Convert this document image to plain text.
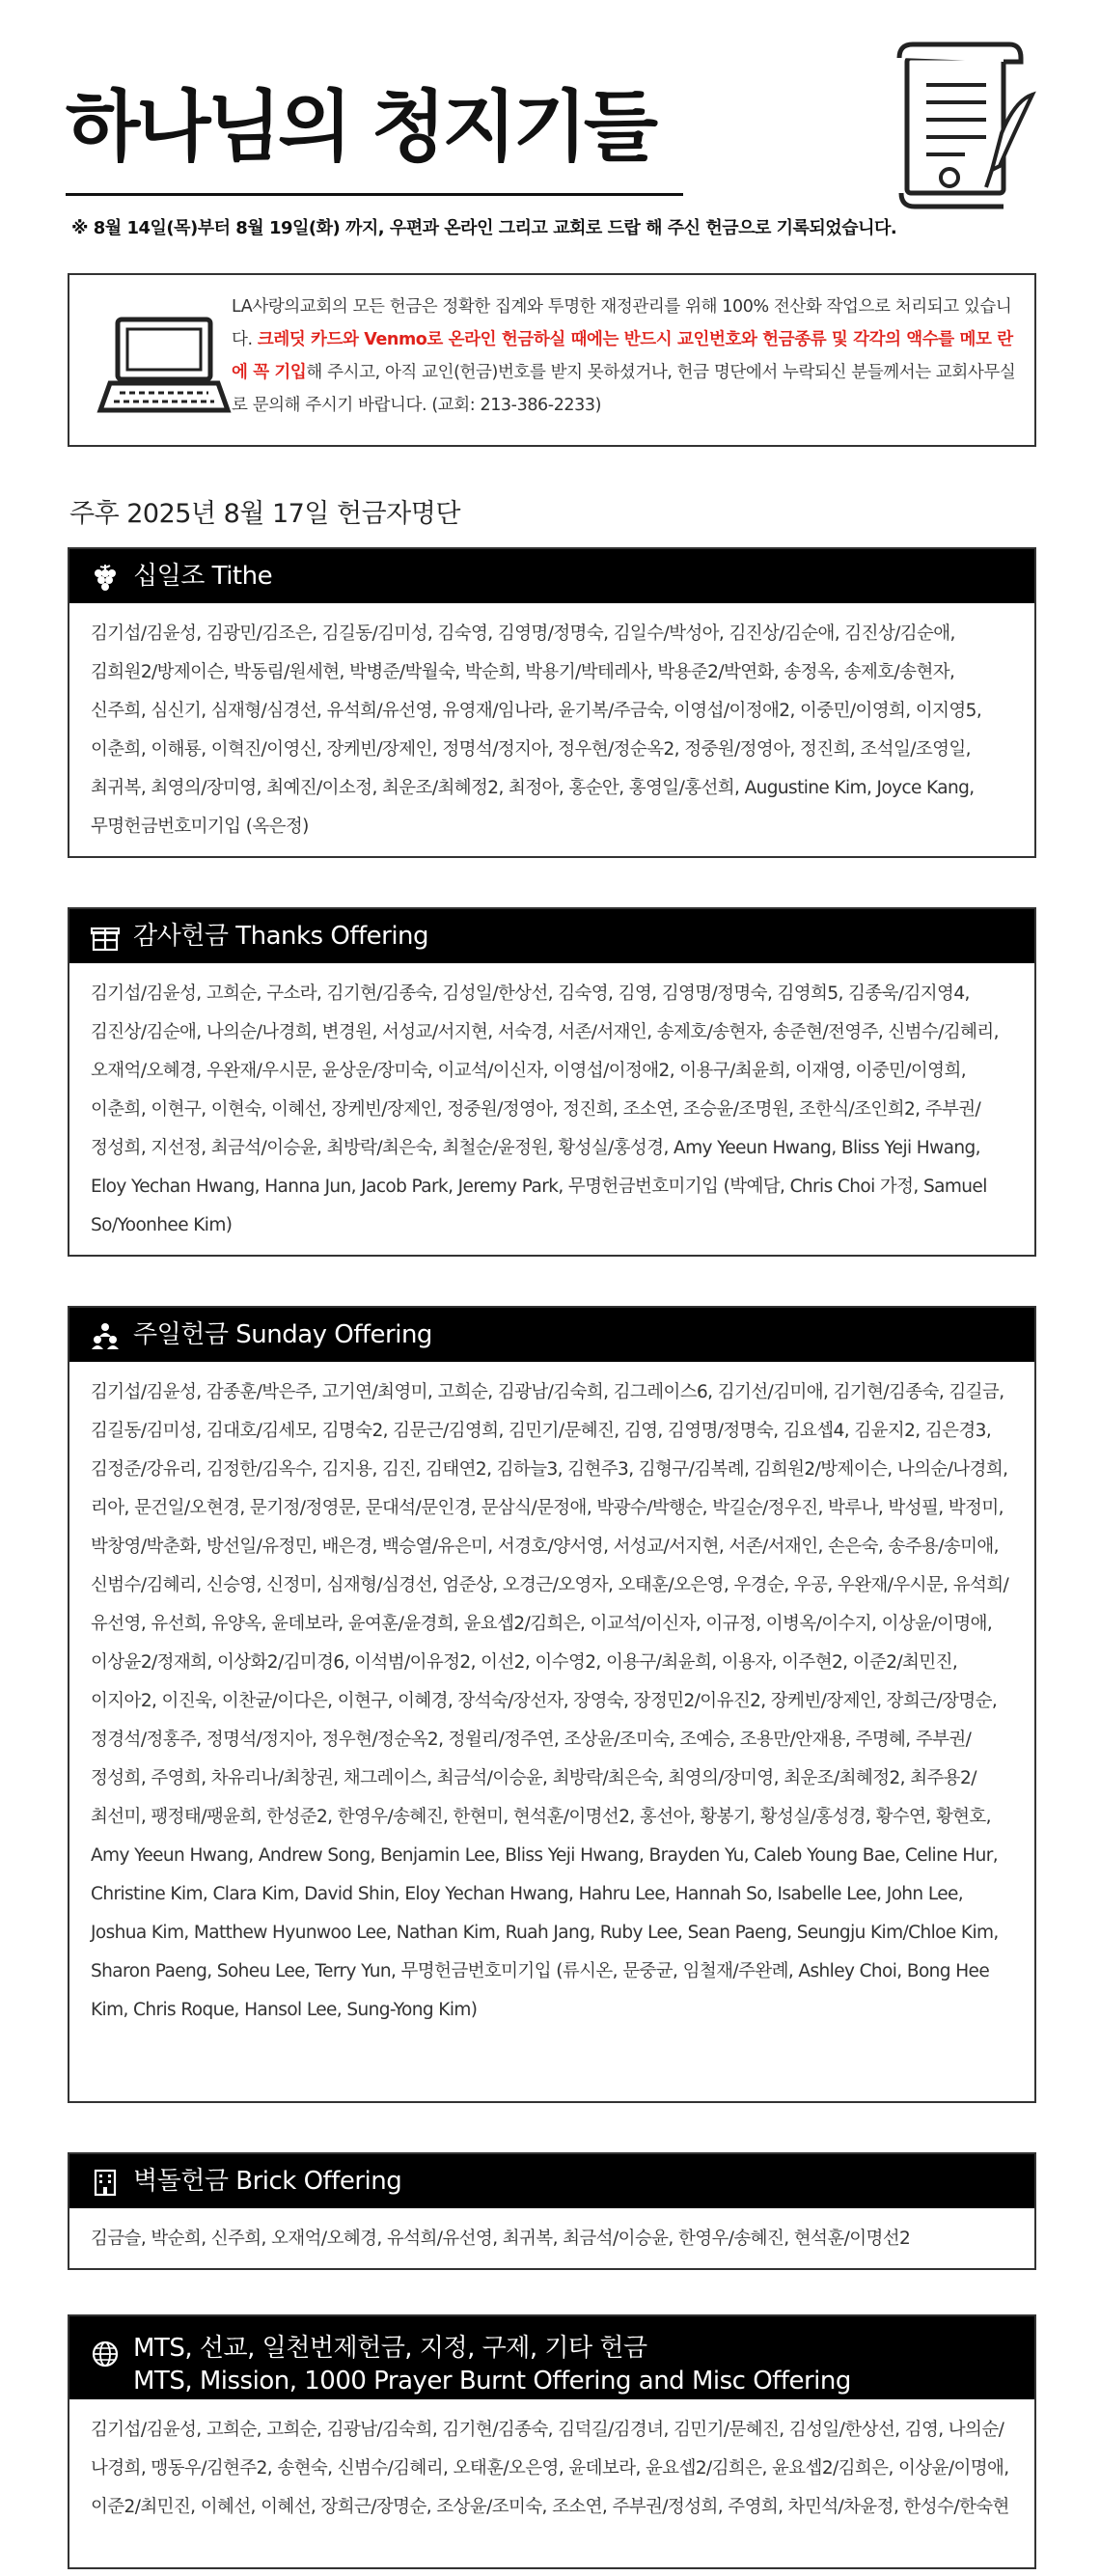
하나님의 청지기들
※ 8월 14일(목)부터 8월 19일(화) 까지, 우편과 온라인 그리고 교회로 드랍 해 주신 헌금으로 기록되었습니다.
LA사랑의교회의 모든 헌금은 정확한 집계와 투명한 재정관리를 위해 100% 전산화 작업으로 처리되고 있습니다. 크레딧 카드와 Venmo로 온라인 헌금하실 때에는 반드시 교인번호와 헌금종류 및 각각의 액수를 메모 란에 꼭 기입해 주시고, 아직 교인(헌금)번호를 받지 못하셨거나, 헌금 명단에서 누락되신 분들께서는 교회사무실로 문의해 주시기 바랍니다. (교회: 213-386-2233)
주후 2025년 8월 17일 헌금자명단
십일조 Tithe
김기섭/김윤성, 김광민/김조은, 김길동/김미성, 김숙영, 김영명/정명숙, 김일수/박성아, 김진상/김순애, 김진상/김순애, 김희원2/방제이슨, 박동림/원세현, 박병준/박월숙, 박순희, 박용기/박테레사, 박용준2/박연화, 송정옥, 송제호/송현자, 신주희, 심신기, 심재형/심경선, 유석희/유선영, 유영재/임나라, 윤기복/주금숙, 이영섭/이정애2, 이중민/이영희, 이지영5, 이춘희, 이해룡, 이혁진/이영신, 장케빈/장제인, 정명석/정지아, 정우현/정순옥2, 정중원/정영아, 정진희, 조석일/조영일, 최귀복, 최영의/장미영, 최예진/이소정, 최운조/최혜정2, 최정아, 홍순안, 홍영일/홍선희, Augustine Kim, Joyce Kang, 무명헌금번호미기입 (옥은정)
감사헌금 Thanks Offering
김기섭/김윤성, 고희순, 구소라, 김기현/김종숙, 김성일/한상선, 김숙영, 김영, 김영명/정명숙, 김영희5, 김종욱/김지영4, 김진상/김순애, 나의순/나경희, 변경원, 서성교/서지현, 서숙경, 서존/서재인, 송제호/송현자, 송준현/전영주, 신범수/김혜리, 오재억/오혜경, 우완재/우시문, 윤상운/장미숙, 이교석/이신자, 이영섭/이정애2, 이용구/최윤희, 이재영, 이중민/이영희, 이춘희, 이현구, 이현숙, 이혜선, 장케빈/장제인, 정중원/정영아, 정진희, 조소연, 조승윤/조명원, 조한식/조인희2, 주부권/정성희, 지선정, 최금석/이승윤, 최방락/최은숙, 최철순/윤정원, 황성실/홍성경, Amy Yeeun Hwang, Bliss Yeji Hwang, Eloy Yechan Hwang, Hanna Jun, Jacob Park, Jeremy Park, 무명헌금번호미기입 (박예담, Chris Choi 가정, Samuel So/Yoonhee Kim)
주일헌금 Sunday Offering
김기섭/김윤성, 감종훈/박은주, 고기연/최영미, 고희순, 김광남/김숙희, 김그레이스6, 김기선/김미애, 김기현/김종숙, 김길금, 김길동/김미성, 김대호/김세모, 김명숙2, 김문근/김영희, 김민기/문혜진, 김영, 김영명/정명숙, 김요셉4, 김윤지2, 김은경3, 김정준/강유리, 김정한/김옥수, 김지용, 김진, 김태연2, 김하늘3, 김현주3, 김형구/김복례, 김희원2/방제이슨, 나의순/나경희, 리아, 문건일/오현경, 문기정/정영문, 문대석/문인경, 문삼식/문정애, 박광수/박행순, 박길순/정우진, 박루나, 박성필, 박정미, 박창영/박춘화, 방선일/유정민, 배은경, 백승열/유은미, 서경호/양서영, 서성교/서지현, 서존/서재인, 손은숙, 송주용/송미애, 신범수/김혜리, 신승영, 신정미, 심재형/심경선, 엄준상, 오경근/오영자, 오태훈/오은영, 우경순, 우공, 우완재/우시문, 유석희/유선영, 유선희, 유양옥, 윤데보라, 윤여훈/윤경희, 윤요셉2/김희은, 이교석/이신자, 이규정, 이병옥/이수지, 이상윤/이명애, 이상윤2/정재희, 이상화2/김미경6, 이석범/이유정2, 이선2, 이수영2, 이용구/최윤희, 이용자, 이주현2, 이준2/최민진, 이지아2, 이진욱, 이찬균/이다은, 이현구, 이혜경, 장석숙/장선자, 장영숙, 장정민2/이유진2, 장케빈/장제인, 장희근/장명순, 정경석/정홍주, 정명석/정지아, 정우현/정순옥2, 정윌리/정주연, 조상윤/조미숙, 조예승, 조용만/안재용, 주명혜, 주부권/정성희, 주영희, 차유리나/최창권, 채그레이스, 최금석/이승윤, 최방락/최은숙, 최영의/장미영, 최운조/최혜정2, 최주용2/최선미, 팽정태/팽윤희, 한성준2, 한영우/송혜진, 한현미, 현석훈/이명선2, 홍선아, 황봉기, 황성실/홍성경, 황수연, 황현호, Amy Yeeun Hwang, Andrew Song, Benjamin Lee, Bliss Yeji Hwang, Brayden Yu, Caleb Young Bae, Celine Hur, Christine Kim, Clara Kim, David Shin, Eloy Yechan Hwang, Hahru Lee, Hannah So, Isabelle Lee, John Lee, Joshua Kim, Matthew Hyunwoo Lee, Nathan Kim, Ruah Jang, Ruby Lee, Sean Paeng, Seungju Kim/Chloe Kim, Sharon Paeng, Soheu Lee, Terry Yun, 무명헌금번호미기입 (류시온, 문중균, 임철재/주완례, Ashley Choi, Bong Hee Kim, Chris Roque, Hansol Lee, Sung-Yong Kim)
벽돌헌금 Brick Offering
김금슬, 박순희, 신주희, 오재억/오혜경, 유석희/유선영, 최귀복, 최금석/이승윤, 한영우/송혜진, 현석훈/이명선2
MTS, 선교, 일천번제헌금, 지정, 구제, 기타 헌금
MTS, Mission, 1000 Prayer Burnt Offering and Misc Offering
김기섭/김윤성, 고희순, 고희순, 김광남/김숙희, 김기현/김종숙, 김덕길/김경녀, 김민기/문혜진, 김성일/한상선, 김영, 나의순/나경희, 맹동우/김현주2, 송현숙, 신범수/김혜리, 오태훈/오은영, 윤데보라, 윤요셉2/김희은, 윤요셉2/김희은, 이상윤/이명애, 이준2/최민진, 이혜선, 이혜선, 장희근/장명순, 조상윤/조미숙, 조소연, 주부권/정성희, 주영희, 차민석/차윤정, 한성수/한숙현
